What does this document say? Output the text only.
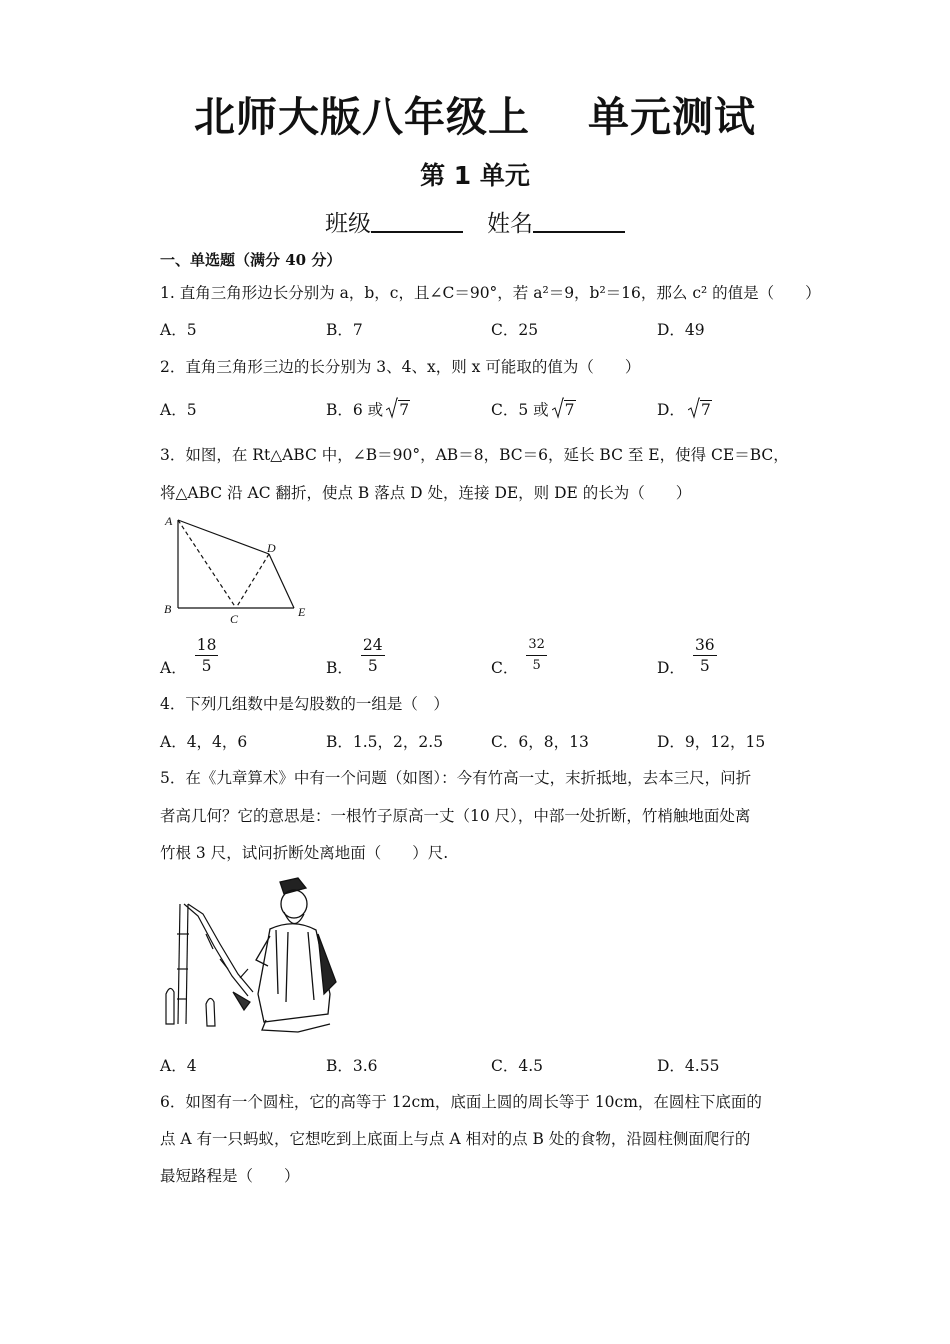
北师大版八年级上 单元测试
第 1 单元
班级	姓名
一、单选题（满分 40 分）
1. 直角三角形边长分别为 a，b，c，且∠C＝90°，若 a²＝9，b²＝16，那么 c² 的值是（　　）
A．5	B．7	C．25	D．49
2．直角三角形三边的长分别为 3、4、x，则 x 可能取的值为（　　）
A．5	B．6 或 7	C．5 或 7	D． 7
3．如图，在 Rt△ABC 中，∠B＝90°，AB＝8，BC＝6，延长 BC 至 E，使得 CE＝BC，
将△ABC 沿 AC 翻折，使点 B 落点 D 处，连接 DE，则 DE 的长为（　　）
A
B
C
D
E
A． $\frac{18}{5}$	B． $\frac{24}{5}$	C． $\frac{32}{5}$	D． $\frac{36}{5}$
4．下列几组数中是勾股数的一组是（　）
A．4，4，6	B．1.5，2，2.5	C．6，8，13	D．9，12，15
5．在《九章算术》中有一个问题（如图）：今有竹高一丈，末折抵地，去本三尺，问折
者高几何？它的意思是：一根竹子原高一丈（10 尺），中部一处折断，竹梢触地面处离
竹根 3 尺，试问折断处离地面（　　）尺.
A．4	B．3.6	C．4.5	D．4.55
6．如图有一个圆柱，它的高等于 12cm，底面上圆的周长等于 10cm，在圆柱下底面的
点 A 有一只蚂蚁，它想吃到上底面上与点 A 相对的点 B 处的食物，沿圆柱侧面爬行的
最短路程是（　　）
